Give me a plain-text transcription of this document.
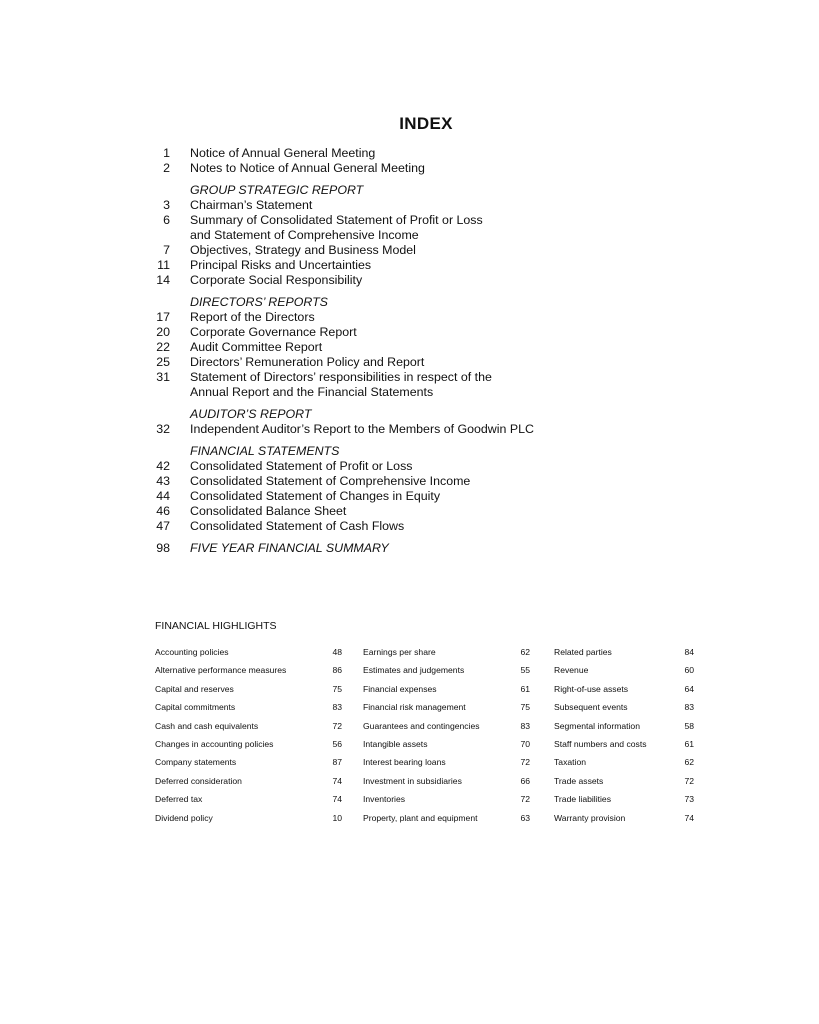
INDEX
1	Notice of Annual General Meeting
2	Notes to Notice of Annual General Meeting
GROUP STRATEGIC REPORT
3	Chairman’s Statement
6	Summary of Consolidated Statement of Profit or Loss
and Statement of Comprehensive Income
7	Objectives, Strategy and Business Model
11	Principal Risks and Uncertainties
14	Corporate Social Responsibility
DIRECTORS’ REPORTS
17	Report of the Directors
20	Corporate Governance Report
22	Audit Committee Report
25	Directors’ Remuneration Policy and Report
31	Statement of Directors’ responsibilities in respect of the
Annual Report and the Financial Statements
AUDITOR’S REPORT
32	Independent Auditor’s Report to the Members of Goodwin PLC
FINANCIAL STATEMENTS
42	Consolidated Statement of Profit or Loss
43	Consolidated Statement of Comprehensive Income
44	Consolidated Statement of Changes in Equity
46	Consolidated Balance Sheet
47	Consolidated Statement of Cash Flows
98	FIVE YEAR FINANCIAL SUMMARY
FINANCIAL HIGHLIGHTS
Accounting policies	48
Alternative performance measures	86
Capital and reserves	75
Capital commitments	83
Cash and cash equivalents	72
Changes in accounting policies	56
Company statements	87
Deferred consideration	74
Deferred tax	74
Dividend policy	10
Earnings per share	62
Estimates and judgements	55
Financial expenses	61
Financial risk management	75
Guarantees and contingencies	83
Intangible assets	70
Interest bearing loans	72
Investment in subsidiaries	66
Inventories	72
Property, plant and equipment	63
Related parties	84
Revenue	60
Right-of-use assets	64
Subsequent events	83
Segmental information	58
Staff numbers and costs	61
Taxation	62
Trade assets	72
Trade liabilities	73
Warranty provision	74
